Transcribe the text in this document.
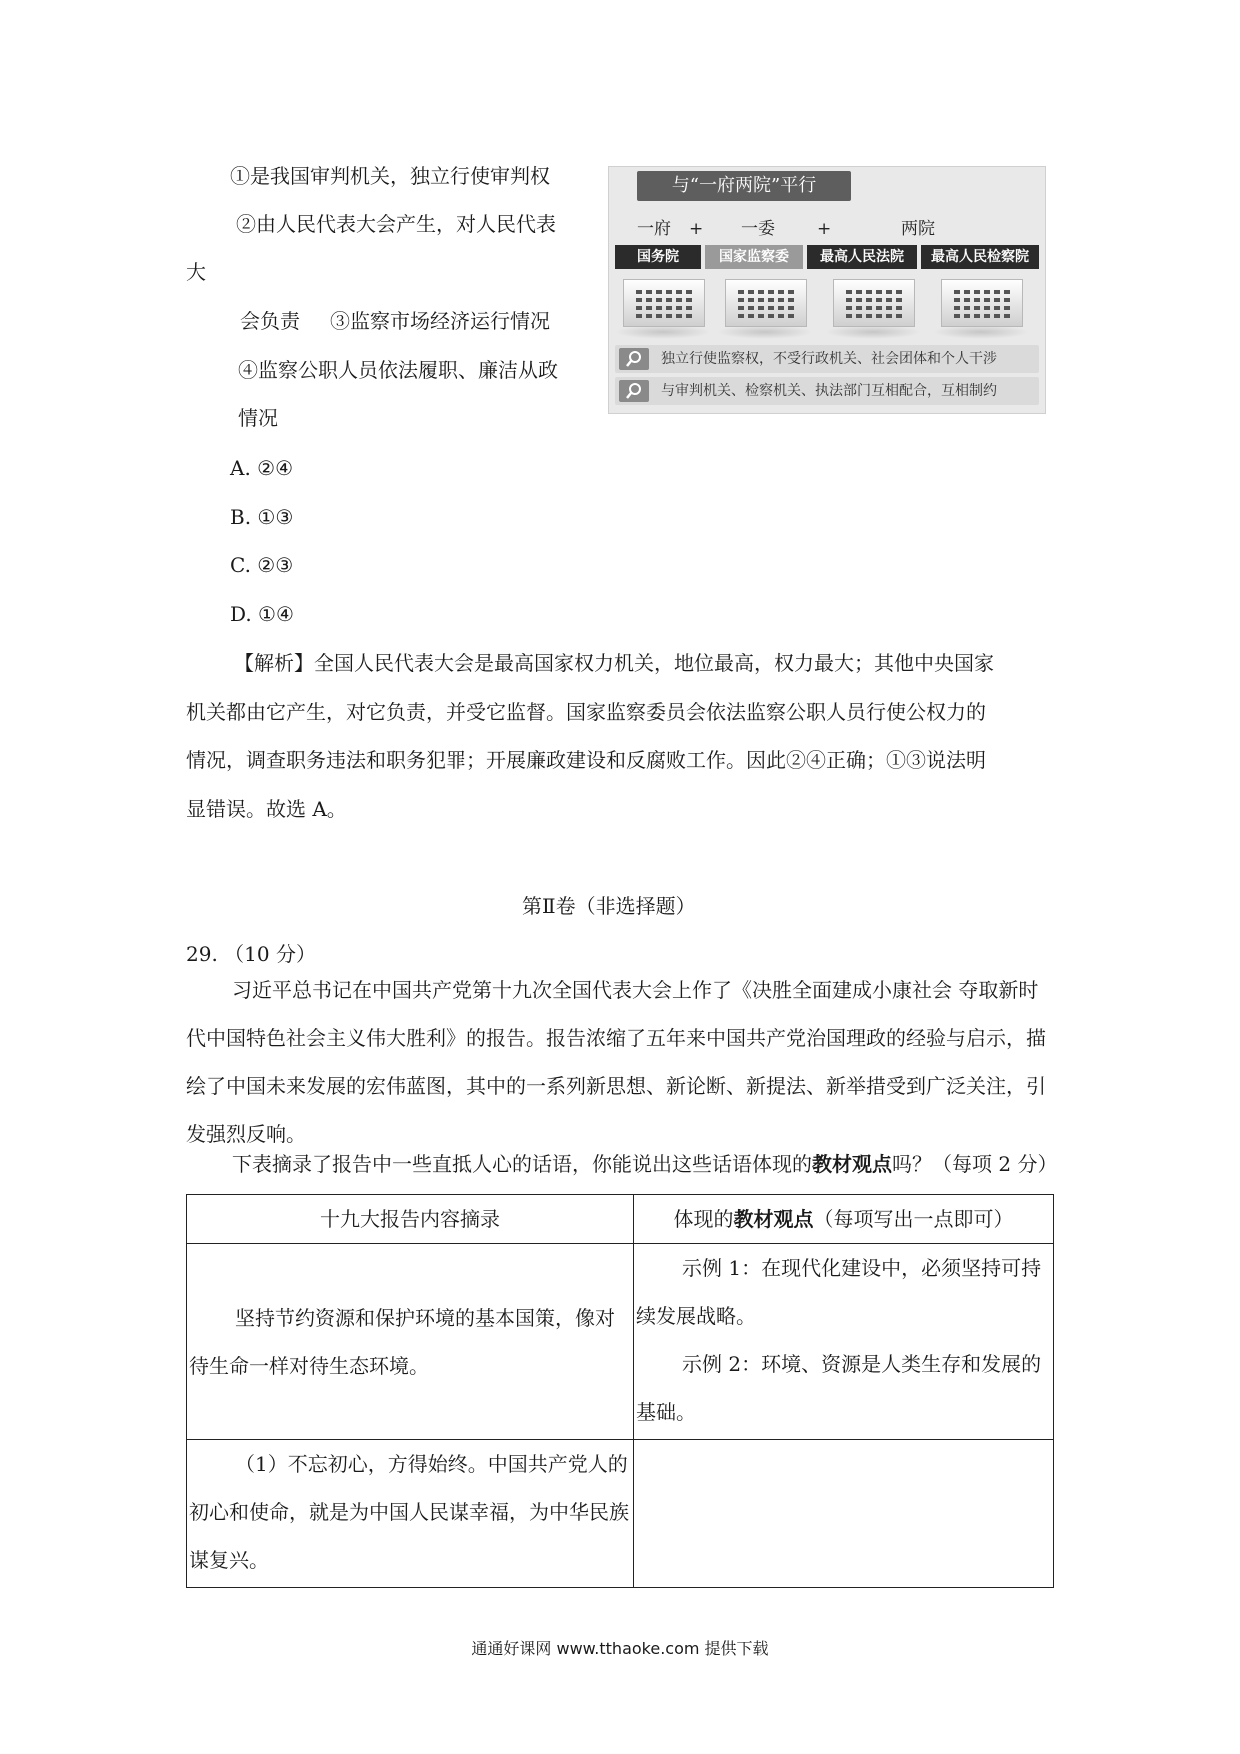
①是我国审判机关，独立行使审判权
②由人民代表大会产生，对人民代表
大
会负责 ③监察市场经济运行情况
④监察公职人员依法履职、廉洁从政
情况
与“一府两院”平行
一府 + 一委 +	两院
国务院	国家监察委	最高人民法院	最高人民检察院
独立行使监察权，不受行政机关、社会团体和个人干涉
与审判机关、检察机关、执法部门互相配合，互相制约
A. ②④
B. ①③
C. ②③
D. ①④
【解析】全国人民代表大会是最高国家权力机关，地位最高，权力最大；其他中央国家
机关都由它产生，对它负责，并受它监督。国家监察委员会依法监察公职人员行使公权力的
情况，调查职务违法和职务犯罪；开展廉政建设和反腐败工作。因此②④正确；①③说法明
显错误。故选 A。
第Ⅱ卷（非选择题）
29. （10 分）
习近平总书记在中国共产党第十九次全国代表大会上作了《决胜全面建成小康社会 夺取新时代中国特色社会主义伟大胜利》的报告。报告浓缩了五年来中国共产党治国理政的经验与启示，描绘了中国未来发展的宏伟蓝图，其中的一系列新思想、新论断、新提法、新举措受到广泛关注，引发强烈反响。
下表摘录了报告中一些直抵人心的话语，你能说出这些话语体现的教材观点吗？（每项 2 分）
十九大报告内容摘录	体现的教材观点（每项写出一点即可）

坚持节约资源和保护环境的基本国策，像对待生命一样对待生态环境。	示例 1：在现代化建设中，必须坚持可持续发展战略。
示例 2：环境、资源是人类生存和发展的基础。

（1）不忘初心，方得始终。中国共产党人的初心和使命，就是为中国人民谋幸福，为中华民族谋复兴。	

通通好课网 www.tthaoke.com 提供下载
